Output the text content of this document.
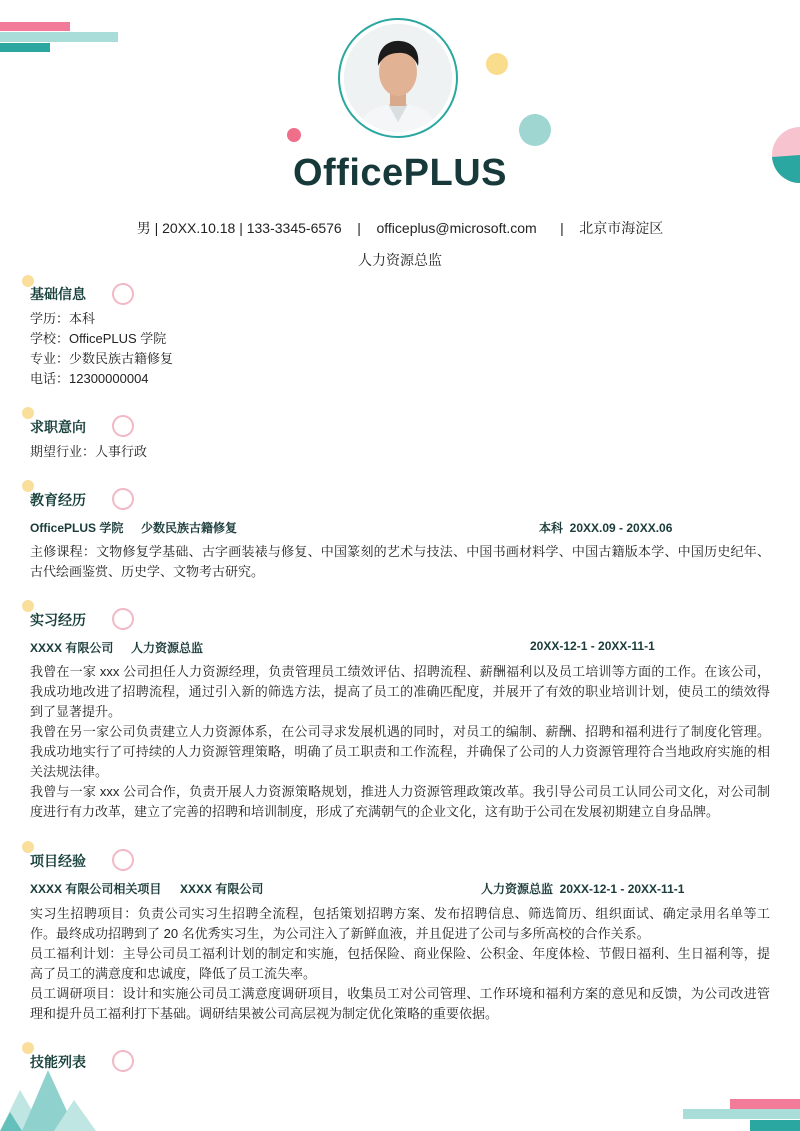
OfficePLUS
男 | 20XX.10.18 | 133-3345-6576 | officeplus@microsoft.com | 北京市海淀区
人力资源总监
基础信息
学历：本科
学校：OfficePLUS 学院
专业：少数民族古籍修复
电话：12300000004
求职意向
期望行业：人事行政
教育经历
OfficePLUS 学院 少数民族古籍修复	本科  20XX.09 - 20XX.06

主修课程：文物修复学基础、古字画装裱与修复、中国篆刻的艺术与技法、中国书画材料学、中国古籍版本学、中国历史纪年、古代绘画鉴赏、历史学、文物考古研究。

实习经历
XXXX 有限公司 人力资源总监	20XX-12-1 - 20XX-11-1

我曾在一家 xxx 公司担任人力资源经理，负责管理员工绩效评估、招聘流程、薪酬福利以及员工培训等方面的工作。在该公司，我成功地改进了招聘流程，通过引入新的筛选方法，提高了员工的准确匹配度，并展开了有效的职业培训计划，使员工的绩效得到了显著提升。

我曾在另一家公司负责建立人力资源体系，在公司寻求发展机遇的同时，对员工的编制、薪酬、招聘和福利进行了制度化管理。我成功地实行了可持续的人力资源管理策略，明确了员工职责和工作流程，并确保了公司的人力资源管理符合当地政府实施的相关法规法律。

我曾与一家 xxx 公司合作，负责开展人力资源策略规划，推进人力资源管理政策改革。我引导公司员工认同公司文化，对公司制度进行有力改革，建立了完善的招聘和培训制度，形成了充满朝气的企业文化，这有助于公司在发展初期建立自身品牌。

项目经验
XXXX 有限公司相关项目 XXXX 有限公司	人力资源总监  20XX-12-1 - 20XX-11-1

实习生招聘项目：负责公司实习生招聘全流程，包括策划招聘方案、发布招聘信息、筛选简历、组织面试、确定录用名单等工作。最终成功招聘到了 20 名优秀实习生，为公司注入了新鲜血液，并且促进了公司与多所高校的合作关系。

员工福利计划：主导公司员工福利计划的制定和实施，包括保险、商业保险、公积金、年度体检、节假日福利、生日福利等，提高了员工的满意度和忠诚度，降低了员工流失率。

员工调研项目：设计和实施公司员工满意度调研项目，收集员工对公司管理、工作环境和福利方案的意见和反馈，为公司改进管理和提升员工福利打下基础。调研结果被公司高层视为制定优化策略的重要依据。

技能列表
